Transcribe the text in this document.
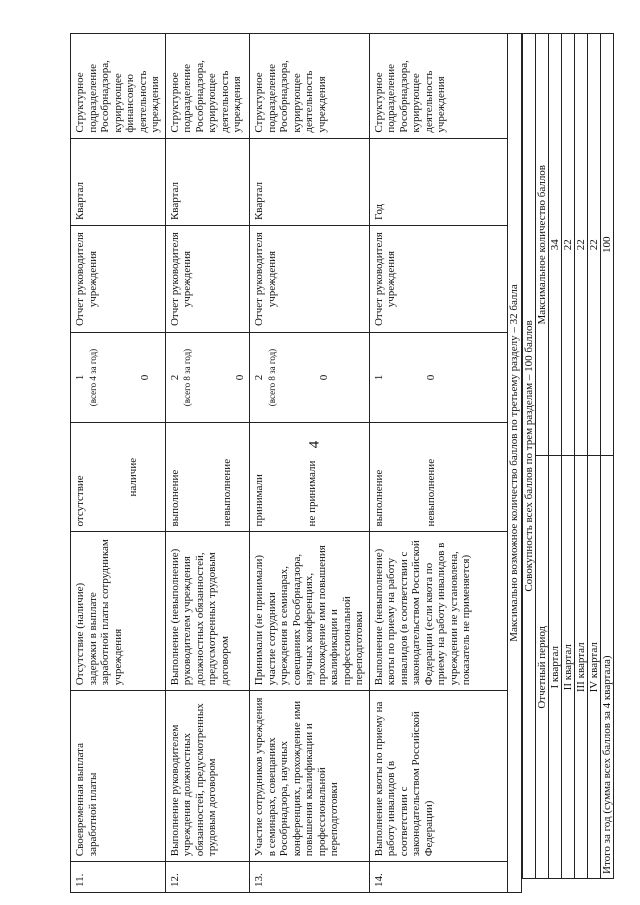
4
11.	Своевременная выплата заработной платы	Отсутствие (наличие) задержки в выплате заработной платы сотрудникам учреждения	отсутствие наличие	1 (всего 4 за год) 0	Отчет руководителя учреждения	Квартал	Структурное подразделение Рособрнадзора, курирующее финансовую деятельность учреждения
12.	Выполнение руководителем учреждения должностных обязанностей, предусмотренных трудовым договором	Выполнение (невыполнение) руководителем учреждения должностных обязанностей, предусмотренных трудовым договором	выполнение невыполнение	2 (всего 8 за год) 0	Отчет руководителя учреждения	Квартал	Структурное подразделение Рособрнадзора, курирующее деятельность учреждения
13.	Участие сотрудников учреждения в семинарах, совещаниях Рособрнадзора, научных конференциях, прохождение ими повышения квалификации и профессиональной переподготовки	Принимали (не принимали) участие сотрудники учреждения в семинарах, совещаниях Рособрнадзора, научных конференциях, прохождение ими повышения квалификации и профессиональной переподготовки	принимали не принимали	2 (всего 8 за год) 0	Отчет руководителя учреждения	Квартал	Структурное подразделение Рособрнадзора, курирующее деятельность учреждения
14.	Выполнение квоты по приему на работу инвалидов (в соответствии с законодательством Российской Федерации)	Выполнение (невыполнение) квоты по приему на работу инвалидов (в соответствии с законодательством Российской Федерации (если квота по приему на работу инвалидов в учреждении не установлена, показатель не применяется)	выполнение невыполнение	1 0	Отчет руководителя учреждения	Год	Структурное подразделение Рособрнадзора, курирующее деятельность учреждения
Максимально возможное количество баллов по третьему разделу – 32 балла							Совокупность всех баллов по трем разделам – 100 баллов	
Отчетный период	Максимальное количество баллов
I квартал	34
II квартал	22
III квартал	22
IV квартал	22
Итого за год (сумма всех баллов за 4 квартала)	100
